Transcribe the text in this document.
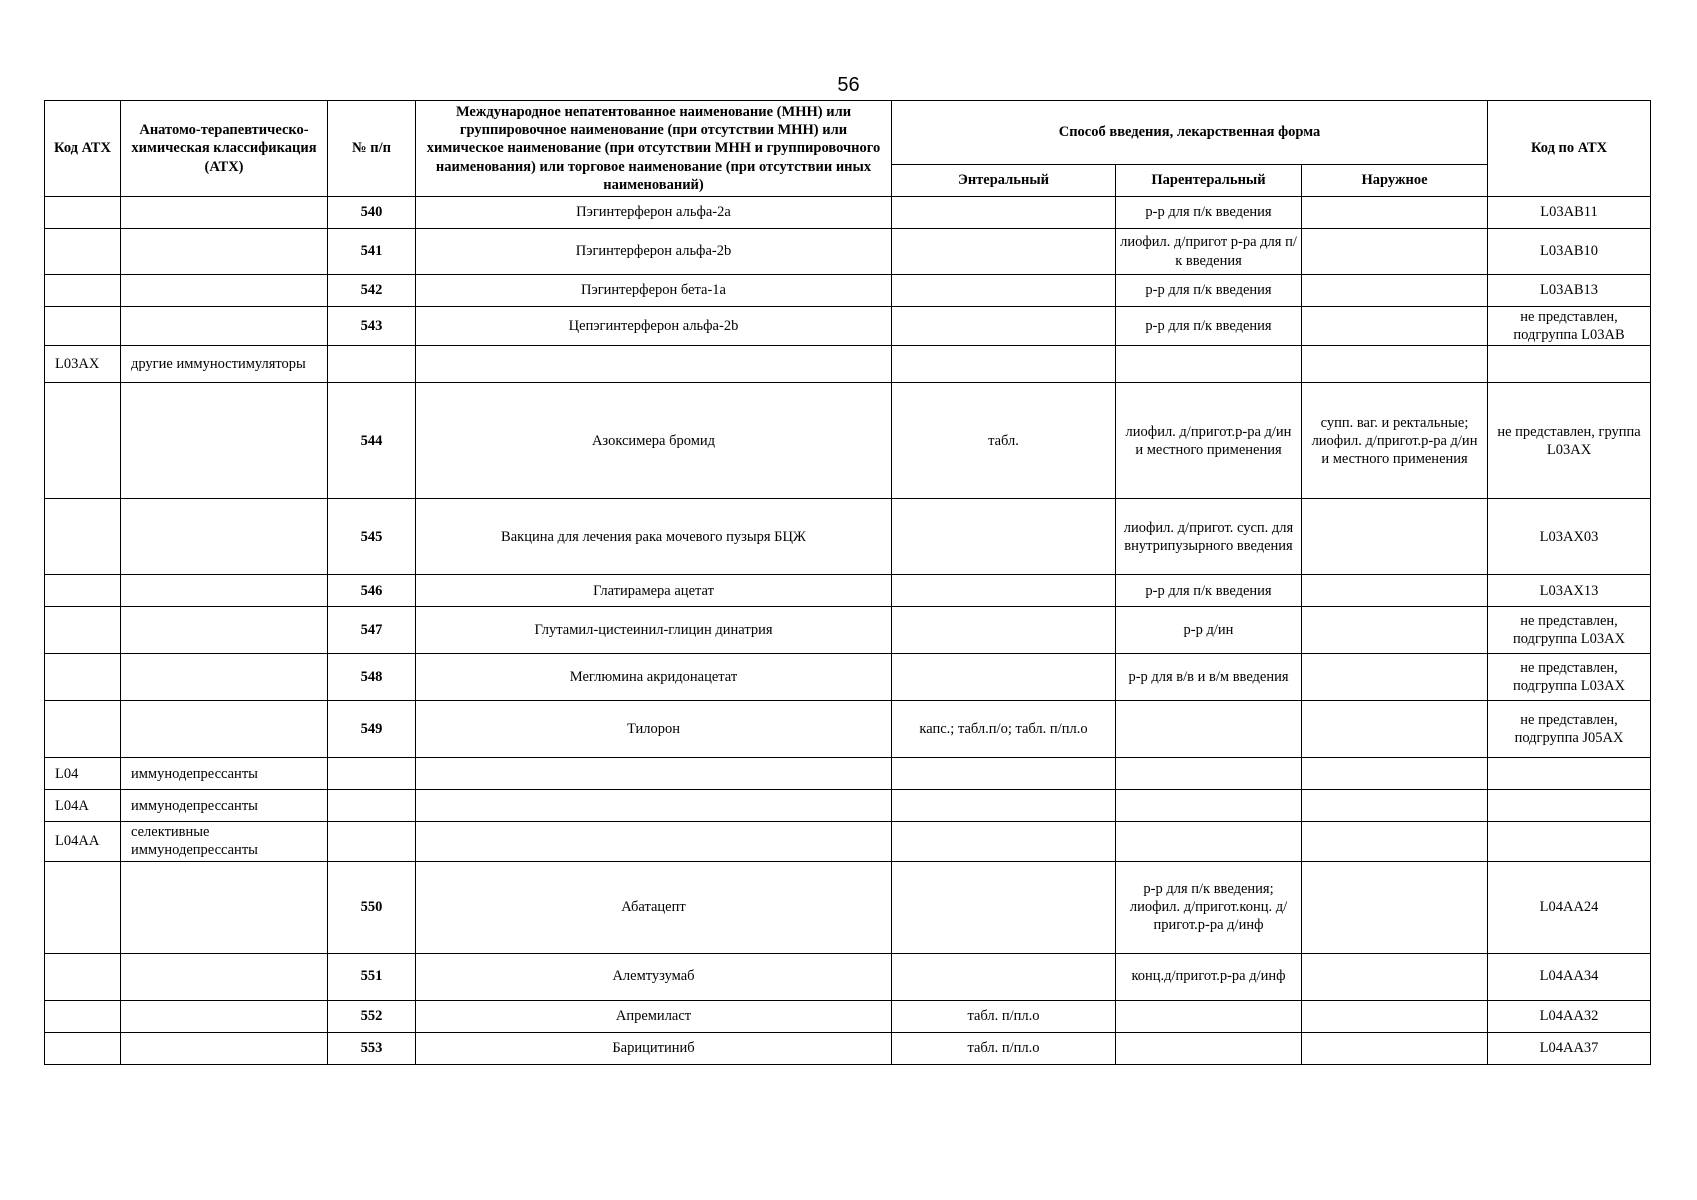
56
Код АТХ	Анатомо-терапевтическо-химическая классификация (АТХ)	№ п/п	Международное непатентованное наименование (МНН) или группировочное наименование (при отсутствии МНН) или химическое наименование (при отсутствии МНН и группировочного наименования) или торговое наименование (при отсутствии иных наименований)	Способ введения, лекарственная форма			Код по АТХ
				Энтеральный	Парентеральный	Наружное	
		540	Пэгинтерферон альфа-2a		р-р для п/к введения		L03AB11
		541	Пэгинтерферон альфа-2b		лиофил. д/пригот р-ра для п/к введения		L03AB10
		542	Пэгинтерферон бета-1a		р-р для п/к введения		L03AB13
		543	Цепэгинтерферон альфа-2b		р-р для п/к введения		не представлен, подгруппа L03AB
L03AX	другие иммуностимуляторы						
		544	Азоксимера бромид	табл.	лиофил. д/пригот.р-ра д/ин и местного применения	супп. ваг. и ректальные; лиофил. д/пригот.р-ра д/ин и местного применения	не представлен, группа L03AX
		545	Вакцина для лечения рака мочевого пузыря БЦЖ		лиофил. д/пригот. сусп. для внутрипузырного введения		L03AX03
		546	Глатирамера ацетат		р-р для п/к введения		L03AX13
		547	Глутамил-цистеинил-глицин динатрия		р-р д/ин		не представлен, подгруппа L03AX
		548	Меглюмина акридонацетат		р-р для в/в и в/м введения		не представлен, подгруппа L03AX
		549	Тилорон	капс.; табл.п/о; табл. п/пл.о			не представлен, подгруппа J05AX
L04	иммунодепрессанты						
L04A	иммунодепрессанты						
L04AA	селективные иммунодепрессанты						
		550	Абатацепт		р-р для п/к введения; лиофил. д/пригот.конц. д/пригот.р-ра д/инф		L04AA24
		551	Алемтузумаб		конц.д/пригот.р-ра д/инф		L04AA34
		552	Апремиласт	табл. п/пл.о			L04AA32
		553	Барицитиниб	табл. п/пл.о			L04AA37
